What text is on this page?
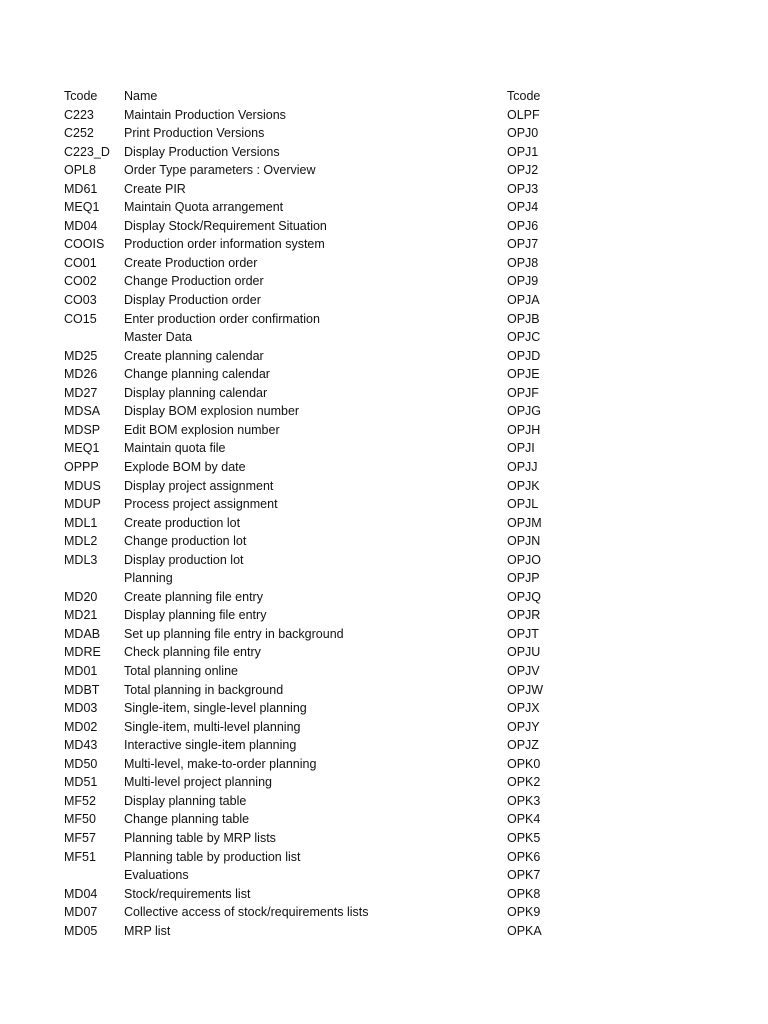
Tcode Name	Tcode
C223 Maintain Production Versions	OLPF
C252 Print Production Versions	OPJ0
C223_D Display Production Versions	OPJ1
OPL8 Order Type parameters : Overview	OPJ2
MD61 Create PIR	OPJ3
MEQ1 Maintain Quota arrangement	OPJ4
MD04 Display Stock/Requirement Situation	OPJ6
COOIS Production order information system	OPJ7
CO01 Create Production order	OPJ8
CO02 Change Production order	OPJ9
CO03 Display Production order	OPJA
CO15 Enter production order confirmation	OPJB
Master Data	OPJC
MD25 Create planning calendar	OPJD
MD26 Change planning calendar	OPJE
MD27 Display planning calendar	OPJF
MDSA Display BOM explosion number	OPJG
MDSP Edit BOM explosion number	OPJH
MEQ1 Maintain quota file	OPJI
OPPP Explode BOM by date	OPJJ
MDUS Display project assignment	OPJK
MDUP Process project assignment	OPJL
MDL1 Create production lot	OPJM
MDL2 Change production lot	OPJN
MDL3 Display production lot	OPJO
Planning	OPJP
MD20 Create planning file entry	OPJQ
MD21 Display planning file entry	OPJR
MDAB Set up planning file entry in background	OPJT
MDRE Check planning file entry	OPJU
MD01 Total planning online	OPJV
MDBT Total planning in background	OPJW
MD03 Single-item, single-level planning	OPJX
MD02 Single-item, multi-level planning	OPJY
MD43 Interactive single-item planning	OPJZ
MD50 Multi-level, make-to-order planning	OPK0
MD51 Multi-level project planning	OPK2
MF52 Display planning table	OPK3
MF50 Change planning table	OPK4
MF57 Planning table by MRP lists	OPK5
MF51 Planning table by production list	OPK6
Evaluations	OPK7
MD04 Stock/requirements list	OPK8
MD07 Collective access of stock/requirements lists	OPK9
MD05 MRP list	OPKA
